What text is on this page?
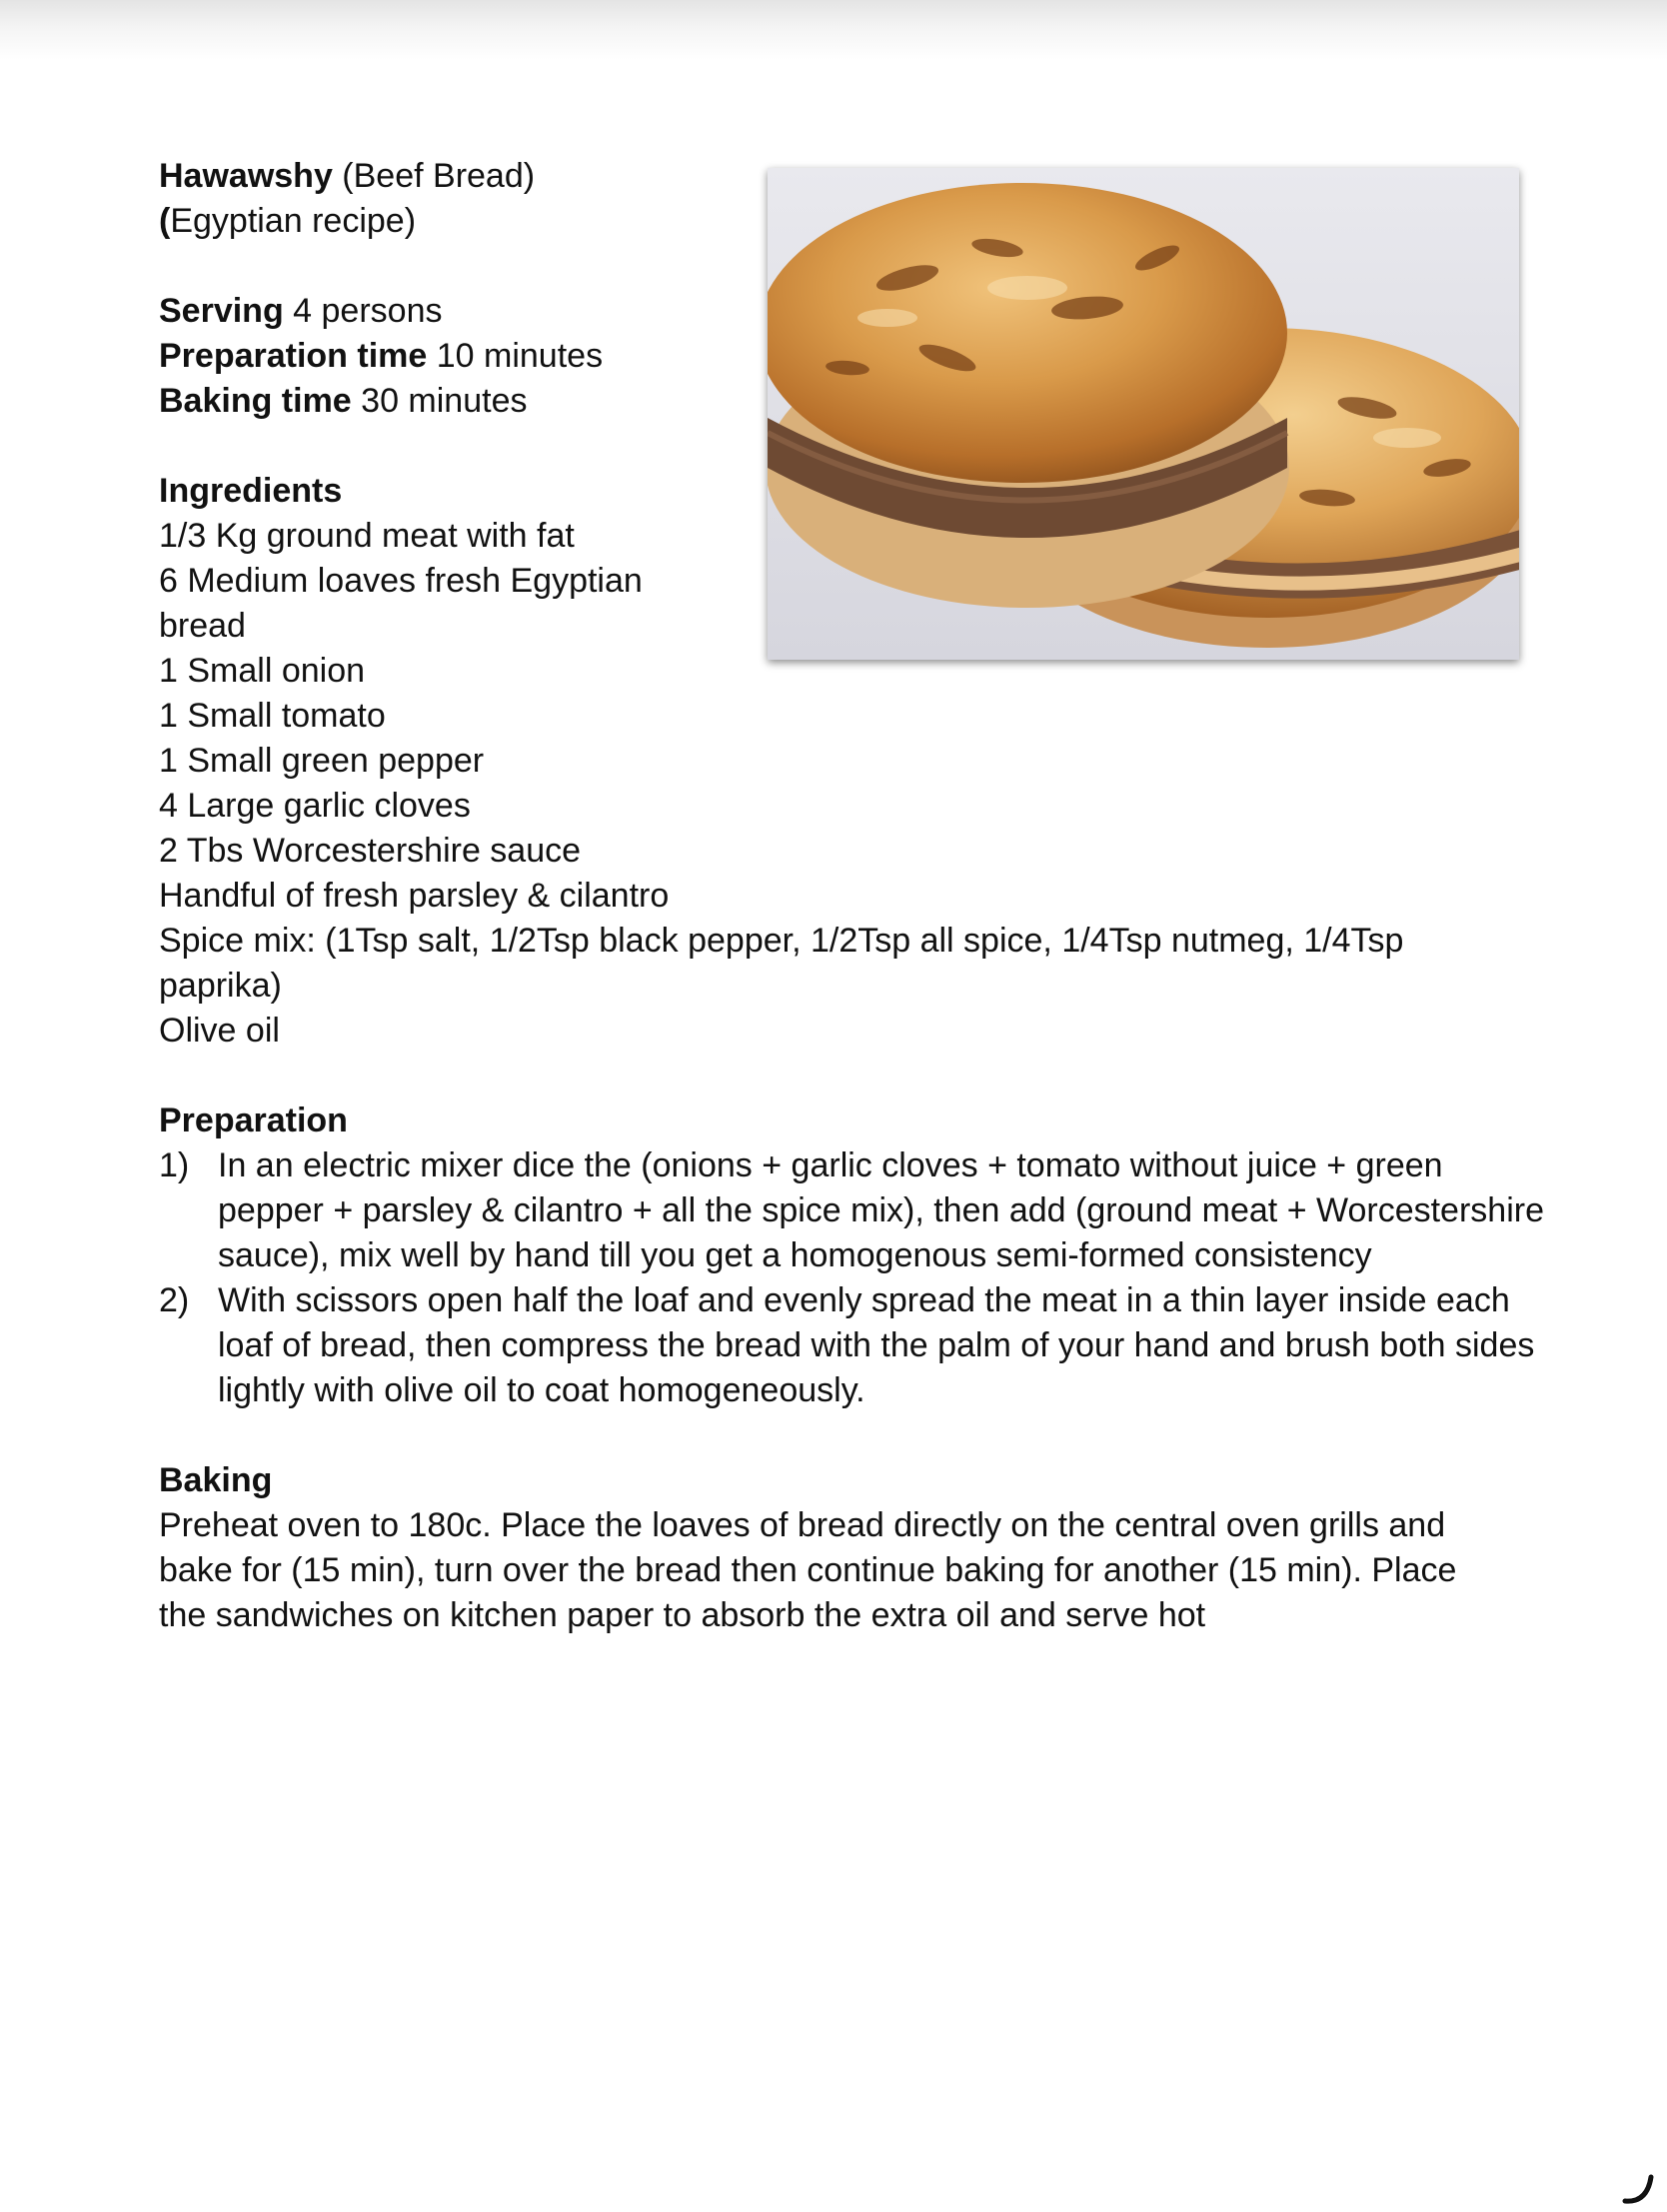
Hawawshy (Beef Bread)
(Egyptian recipe)
Serving 4 persons
Preparation time 10 minutes
Baking time 30 minutes
Ingredients
1/3 Kg ground meat with fat
6 Medium loaves fresh Egyptian bread
1 Small onion
1 Small tomato
1 Small green pepper
4 Large garlic cloves
2 Tbs Worcestershire sauce
Handful of fresh parsley & cilantro
Spice mix: (1Tsp salt, 1/2Tsp black pepper, 1/2Tsp all spice, 1/4Tsp nutmeg, 1/4Tsp paprika)
Olive oil
Preparation
1) In an electric mixer dice the (onions + garlic cloves + tomato without juice + green pepper + parsley & cilantro + all the spice mix), then add (ground meat + Worcestershire sauce), mix well by hand till you get a homogenous semi-formed consistency
2) With scissors open half the loaf and evenly spread the meat in a thin layer inside each loaf of bread, then compress the bread with the palm of your hand and brush both sides lightly with olive oil to coat homogeneously.
Baking
Preheat oven to 180c. Place the loaves of bread directly on the central oven grills and bake for (15 min), turn over the bread then continue baking for another (15 min). Place the sandwiches on kitchen paper to absorb the extra oil and serve hot
